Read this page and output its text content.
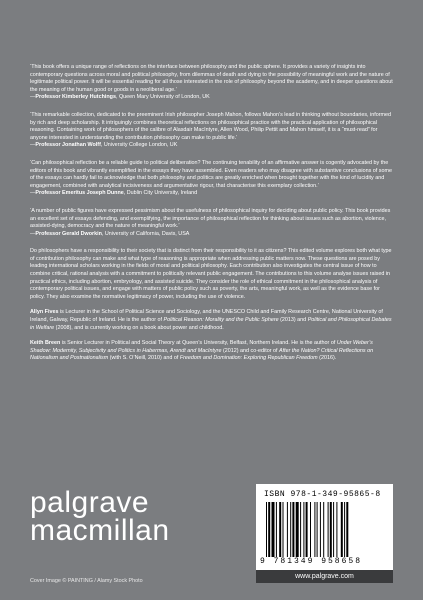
‘This book offers a unique range of reflections on the interface between philosophy and the public sphere. It provides a variety of insights into contemporary questions across moral and political philosophy, from dilemmas of death and dying to the possibility of meaningful work and the nature of legitimate political power. It will be essential reading for all those interested in the role of philosophy beyond the academy, and in deeper questions about the meaning of the human good or goods in a neoliberal age.’

—Professor Kimberley Hutchings, Queen Mary University of London, UK

‘This remarkable collection, dedicated to the preeminent Irish philosopher Joseph Mahon, follows Mahon’s lead in thinking without boundaries, informed by rich and deep scholarship. It intriguingly combines theoretical reflections on philosophical practice with the practical application of philosophical reasoning. Containing work of philosophers of the calibre of Alasdair MacIntyre, Allen Wood, Philip Pettit and Mahon himself, it is a “must-read” for anyone interested in understanding the contribution philosophy can make to public life.’

—Professor Jonathan Wolff, University College London, UK

‘Can philosophical reflection be a reliable guide to political deliberation? The continuing tenability of an affirmative answer is cogently advocated by the editors of this book and vibrantly exemplified in the essays they have assembled. Even readers who may disagree with substantive conclusions of some of the essays can hardly fail to acknowledge that both philosophy and politics are greatly enriched when brought together with the kind of lucidity and engagement, combined with analytical incisiveness and argumentative rigour, that characterise this exemplary collection.’

—Professor Emeritus Joseph Dunne, Dublin City University, Ireland

‘A number of public figures have expressed pessimism about the usefulness of philosophical inquiry for deciding about public policy. This book provides an excellent set of essays defending, and exemplifying, the importance of philosophical reflection for thinking about issues such as abortion, violence, assisted-dying, democracy and the nature of meaningful work.’

—Professor Gerald Dworkin, University of California, Davis, USA

Do philosophers have a responsibility to their society that is distinct from their responsibility to it as citizens? This edited volume explores both what type of contribution philosophy can make and what type of reasoning is appropriate when addressing public matters now. These questions are posed by leading international scholars working in the fields of moral and political philosophy. Each contribution also investigates the central issue of how to combine critical, rational analysis with a commitment to politically relevant public engagement. The contributions to this volume analyse issues raised in practical ethics, including abortion, embryology, and assisted suicide. They consider the role of ethical commitment in the philosophical analysis of contemporary political issues, and engage with matters of public policy such as poverty, the arts, meaningful work, as well as the evidence base for policy. They also examine the normative legitimacy of power, including the use of violence.

Allyn Fives is Lecturer in the School of Political Science and Sociology, and the UNESCO Child and Family Research Centre, National University of Ireland, Galway, Republic of Ireland. He is the author of Political Reason: Morality and the Public Sphere (2013) and Political and Philosophical Debates in Welfare (2008), and is currently working on a book about power and childhood.

Keith Breen is Senior Lecturer in Political and Social Theory at Queen’s University, Belfast, Northern Ireland. He is the author of Under Weber’s Shadow: Modernity, Subjectivity and Politics in Habermas, Arendt and MacIntyre (2012) and co-editor of After the Nation? Critical Reflections on Nationalism and Postnationalism (with S. O’Neill, 2010) and of Freedom and Domination: Exploring Republican Freedom (2016).

palgrave
macmillan
Cover Image © PAINTING / Alamy Stock Photo
ISBN 978-1-349-95865-8
9 781349 958658
www.palgrave.com
